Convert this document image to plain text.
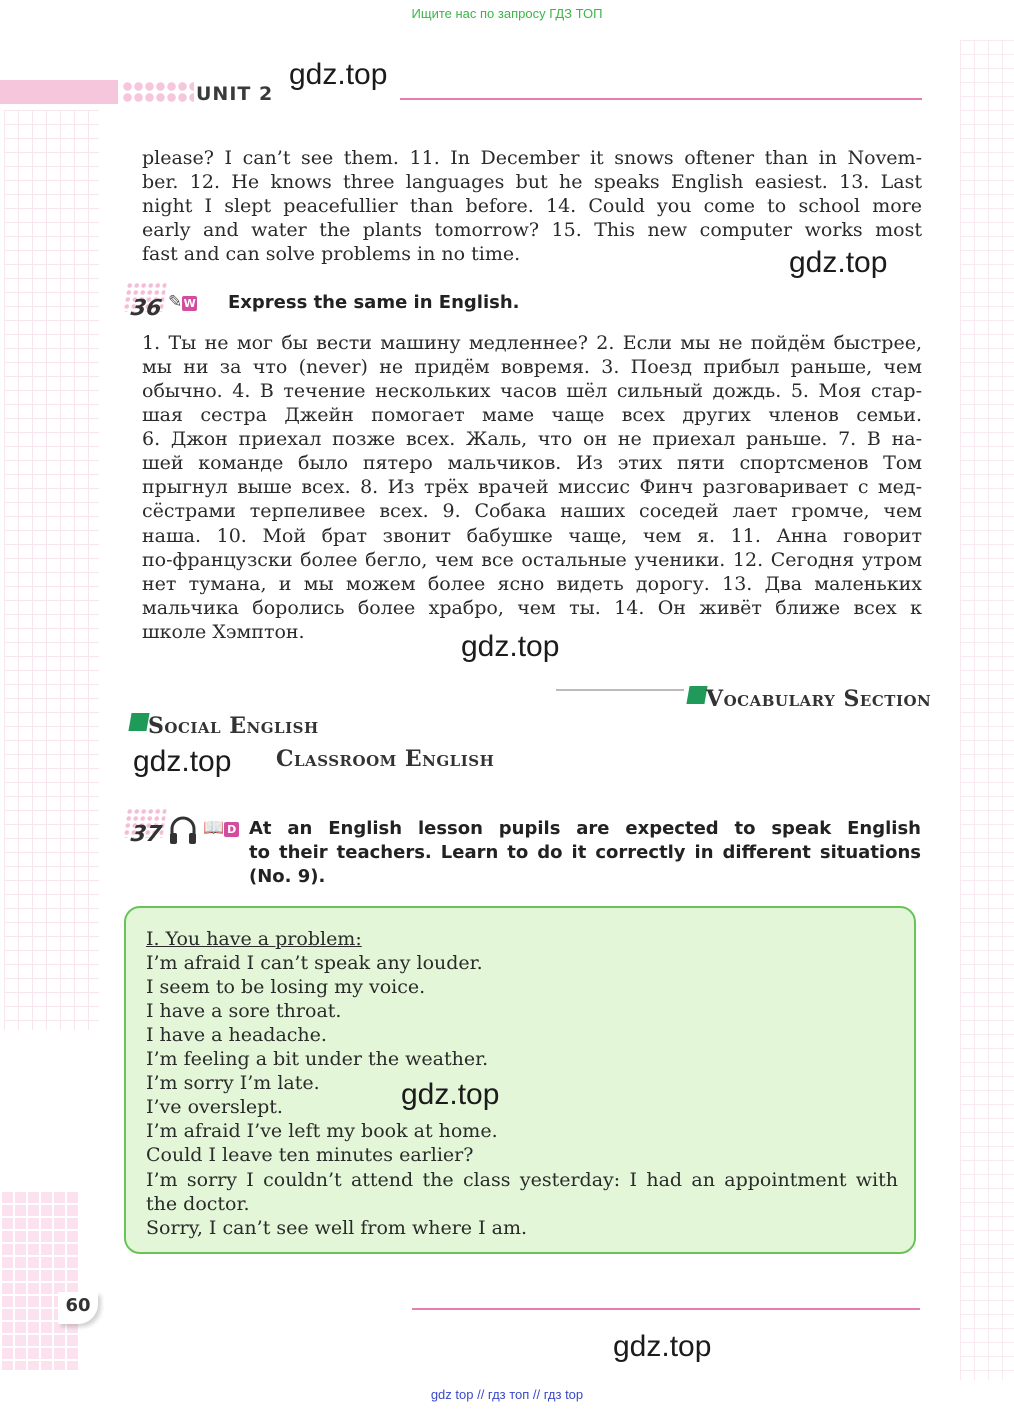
Ищите нас по запросу ГДЗ ТОП
UNIT 2
gdz.top
please? I can’t see them. 11. In December it snows oftener than in Novem-
ber. 12. He knows three languages but he speaks English easiest. 13. Last
night I slept peacefullier than before. 14. Could you come to school more
early and water the plants tomorrow? 15. This new computer works most
fast and can solve problems in no time.	gdz.top
36 ✎W Express the same in English.
1. Ты не мог бы вести машину медленнее? 2. Если мы не пойдём быстрее,
мы ни за что (never) не придём вовремя. 3. Поезд прибыл раньше, чем
обычно. 4. В течение нескольких часов шёл сильный дождь. 5. Моя стар-
шая сестра Джейн помогает маме чаще всех других членов семьи.
6. Джон приехал позже всех. Жаль, что он не приехал раньше. 7. В на-
шей команде было пятеро мальчиков. Из этих пяти спортсменов Том
прыгнул выше всех. 8. Из трёх врачей миссис Финч разговаривает с мед-
сёстрами терпеливее всех. 9. Собака наших соседей лает громче, чем
наша. 10. Мой брат звонит бабушке чаще, чем я. 11. Анна говорит
по-французски более бегло, чем все остальные ученики. 12. Сегодня утром
нет тумана, и мы можем более ясно видеть дорогу. 13. Два маленьких
мальчика боролись более храбро, чем ты. 14. Он живёт ближе всех к
школе Хэмптон.	gdz.top
Vocabulary Section
Social English
Classroom English
gdz.top
37 📖 D At an English lesson pupils are expected to speak English
to their teachers. Learn to do it correctly in different situations
(No. 9).
I. You have a problem:
I’m afraid I can’t speak any louder.
I seem to be losing my voice.
I have a sore throat.
I have a headache.
I’m feeling a bit under the weather.
I’m sorry I’m late.
I’ve overslept.
I’m afraid I’ve left my book at home.
Could I leave ten minutes earlier?
I’m sorry I couldn’t attend the class yesterday: I had an appointment with
the doctor.
Sorry, I can’t see well from where I am.
gdz.top
60
gdz.top
gdz top // гдз топ // гдз top
